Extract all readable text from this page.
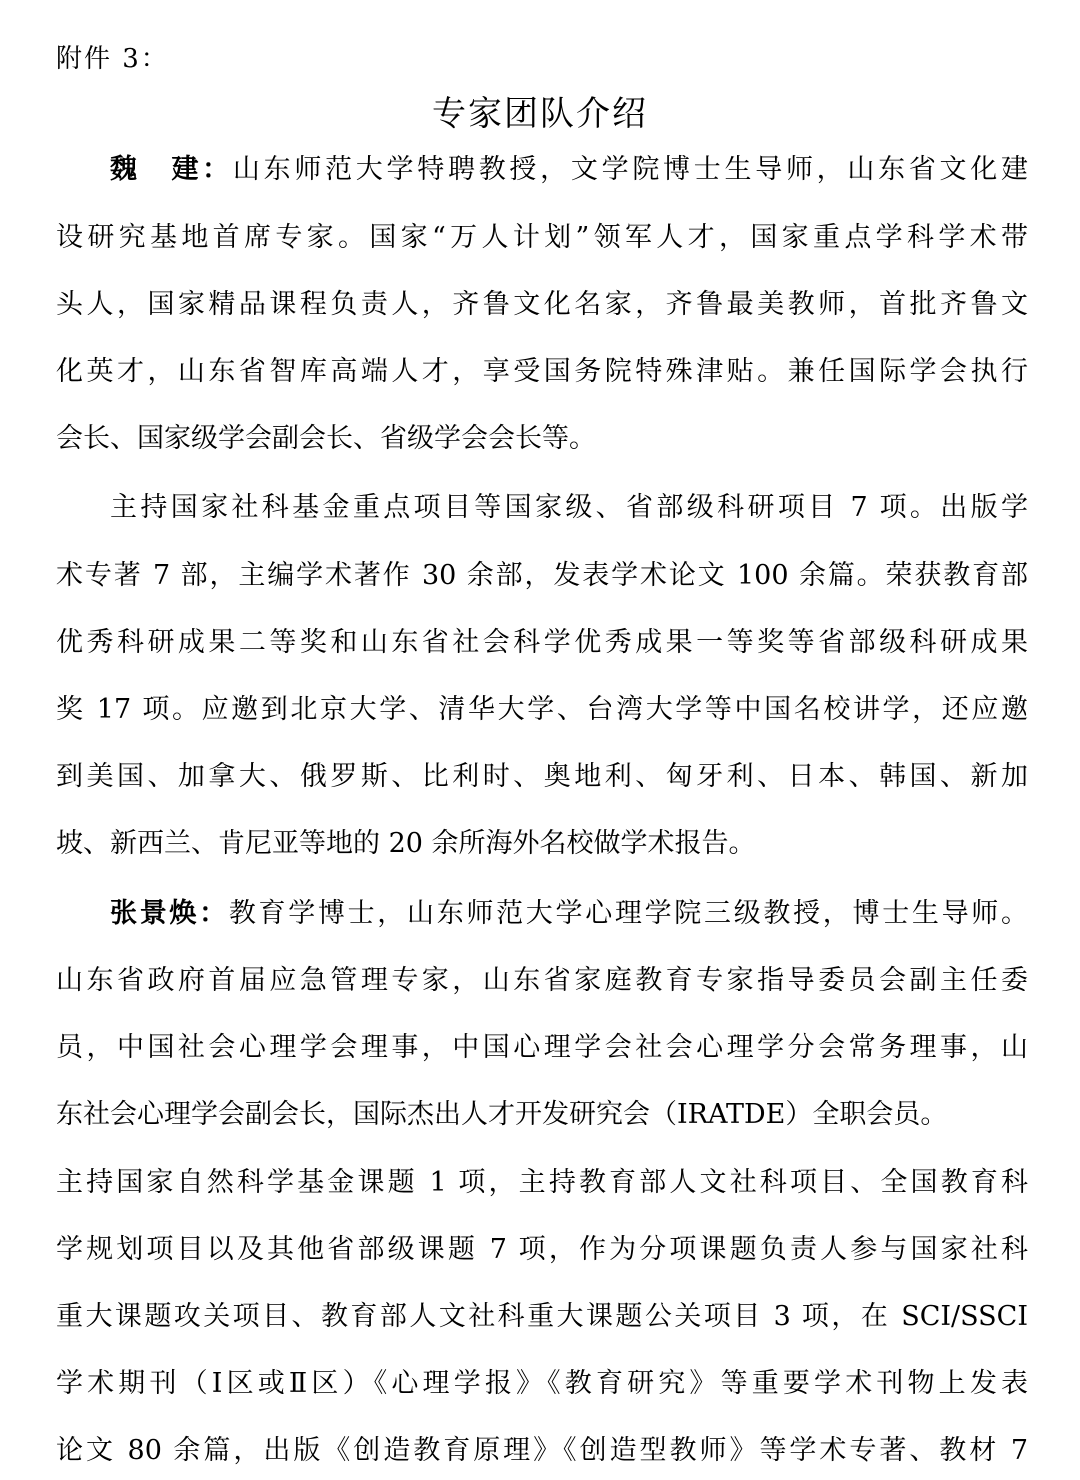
附件 3：
专家团队介绍
魏　建：山东师范大学特聘教授，文学院博士生导师，山东省文化建
设研究基地首席专家。国家“万人计划”领军人才，国家重点学科学术带
头人，国家精品课程负责人，齐鲁文化名家，齐鲁最美教师，首批齐鲁文
化英才，山东省智库高端人才，享受国务院特殊津贴。兼任国际学会执行
会长、国家级学会副会长、省级学会会长等。
主持国家社科基金重点项目等国家级、省部级科研项目 7 项。出版学
术专著 7 部，主编学术著作 30 余部，发表学术论文 100 余篇。荣获教育部
优秀科研成果二等奖和山东省社会科学优秀成果一等奖等省部级科研成果
奖 17 项。应邀到北京大学、清华大学、台湾大学等中国名校讲学，还应邀
到美国、加拿大、俄罗斯、比利时、奥地利、匈牙利、日本、韩国、新加
坡、新西兰、肯尼亚等地的 20 余所海外名校做学术报告。
张景焕：教育学博士，山东师范大学心理学院三级教授，博士生导师。
山东省政府首届应急管理专家，山东省家庭教育专家指导委员会副主任委
员，中国社会心理学会理事，中国心理学会社会心理学分会常务理事，山
东社会心理学会副会长，国际杰出人才开发研究会（IRATDE）全职会员。
主持国家自然科学基金课题 1 项，主持教育部人文社科项目、全国教育科
学规划项目以及其他省部级课题 7 项，作为分项课题负责人参与国家社科
重大课题攻关项目、教育部人文社科重大课题公关项目 3 项，在 SCI/SSCI
学术期刊（Ⅰ区或Ⅱ区）《心理学报》《教育研究》等重要学术刊物上发表
论文 80 余篇，出版《创造教育原理》《创造型教师》等学术专著、教材 7
